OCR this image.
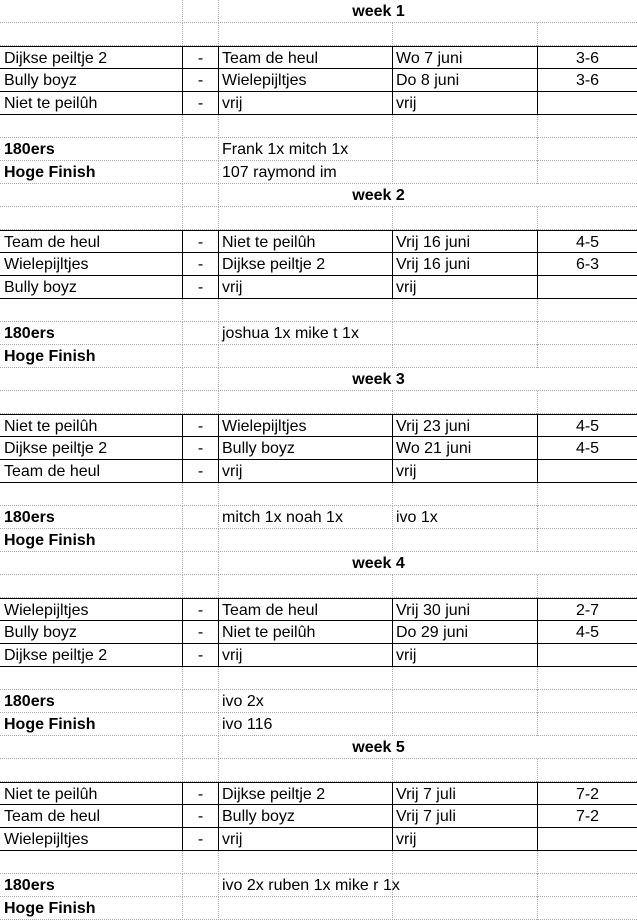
week 1
Dijkse peiltje 2	-	Team de heul	Wo 7 juni	3-6
Bully boyz	-	Wielepijltjes	Do 8 juni	3-6
Niet te peilûh	-	vrij	vrij
180ers	Frank 1x mitch 1x
Hoge Finish	107 raymond im
week 2
Team de heul	-	Niet te peilûh	Vrij 16 juni	4-5
Wielepijltjes	-	Dijkse peiltje 2	Vrij 16 juni	6-3
Bully boyz	-	vrij	vrij
180ers	joshua 1x mike t 1x
Hoge Finish
week 3
Niet te peilûh	-	Wielepijltjes	Vrij 23 juni	4-5
Dijkse peiltje 2	-	Bully boyz	Wo 21 juni	4-5
Team de heul	-	vrij	vrij
180ers	mitch 1x noah 1x	ivo 1x
Hoge Finish
week 4
Wielepijltjes	-	Team de heul	Vrij 30 juni	2-7
Bully boyz	-	Niet te peilûh	Do 29 juni	4-5
Dijkse peiltje 2	-	vrij	vrij
180ers	ivo 2x
Hoge Finish	ivo 116
week 5
Niet te peilûh	-	Dijkse peiltje 2	Vrij 7 juli	7-2
Team de heul	-	Bully boyz	Vrij 7 juli	7-2
Wielepijltjes	-	vrij	vrij
180ers	ivo 2x ruben 1x mike r 1x
Hoge Finish
